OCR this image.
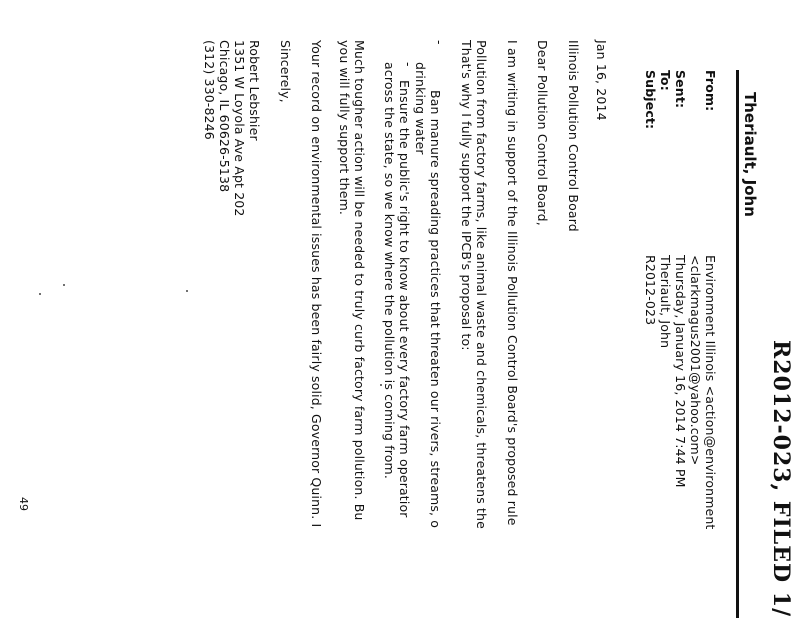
R2012-023, FILED 1/
Theriault, John
From:
Environment Illinois <action@environment
<clarkmagus2001@yahoo.com>
Sent:
Thursday, January 16, 2014 7:44 PM
To:
Theriault, John
Subject:
R2012-023
Jan 16, 2014
Illinois Pollution Control Board
Dear Pollution Control Board,
I am writing in support of the Illinois Pollution Control Board's proposed rule
Pollution from factory farms, like animal waste and chemicals, threatens the
That's why I fully support the IPCB's proposal to:
-
Ban manure spreading practices that threaten our rivers, streams, o
drinking water
-
Ensure the public's right to know about every factory farm operatior
across the state, so we know where the pollution is coming from.
Much tougher action will be needed to truly curb factory farm pollution. Bu
you will fully support them.
Your record on environmental issues has been fairly solid, Governor Quinn. I
Sincerely,
Robert Lebshier
1351 W Loyola Ave Apt 202
Chicago, IL 60626-5138
(312) 330-8246
49
